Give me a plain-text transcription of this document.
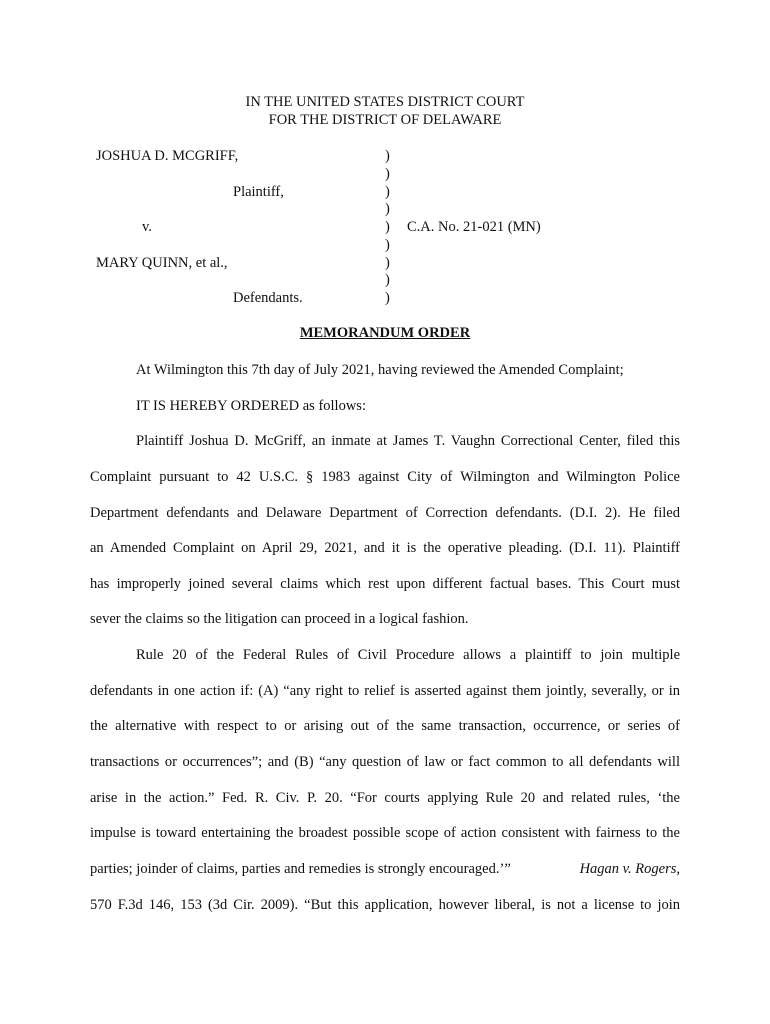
IN THE UNITED STATES DISTRICT COURT
FOR THE DISTRICT OF DELAWARE
JOSHUA D. MCGRIFF,
Plaintiff,
v.
MARY QUINN, et al.,
Defendants.
)
)
)
)
)
)
)
)
)
C.A. No. 21-021 (MN)
MEMORANDUM ORDER
At Wilmington this 7th day of July 2021, having reviewed the Amended Complaint;
IT IS HEREBY ORDERED as follows:
Plaintiff Joshua D. McGriff, an inmate at James T. Vaughn Correctional Center, filed this
Complaint pursuant to 42 U.S.C. § 1983 against City of Wilmington and Wilmington Police
Department defendants and Delaware Department of Correction defendants. (D.I. 2). He filed
an Amended Complaint on April 29, 2021, and it is the operative pleading. (D.I. 11). Plaintiff
has improperly joined several claims which rest upon different factual bases. This Court must
sever the claims so the litigation can proceed in a logical fashion.
Rule 20 of the Federal Rules of Civil Procedure allows a plaintiff to join multiple
defendants in one action if: (A) “any right to relief is asserted against them jointly, severally, or in
the alternative with respect to or arising out of the same transaction, occurrence, or series of
transactions or occurrences”; and (B) “any question of law or fact common to all defendants will
arise in the action.” Fed. R. Civ. P. 20. “For courts applying Rule 20 and related rules, ‘the
impulse is toward entertaining the broadest possible scope of action consistent with fairness to the
parties; joinder of claims, parties and remedies is strongly encouraged.’”	Hagan v. Rogers,
570 F.3d 146, 153 (3d Cir. 2009). “But this application, however liberal, is not a license to join
